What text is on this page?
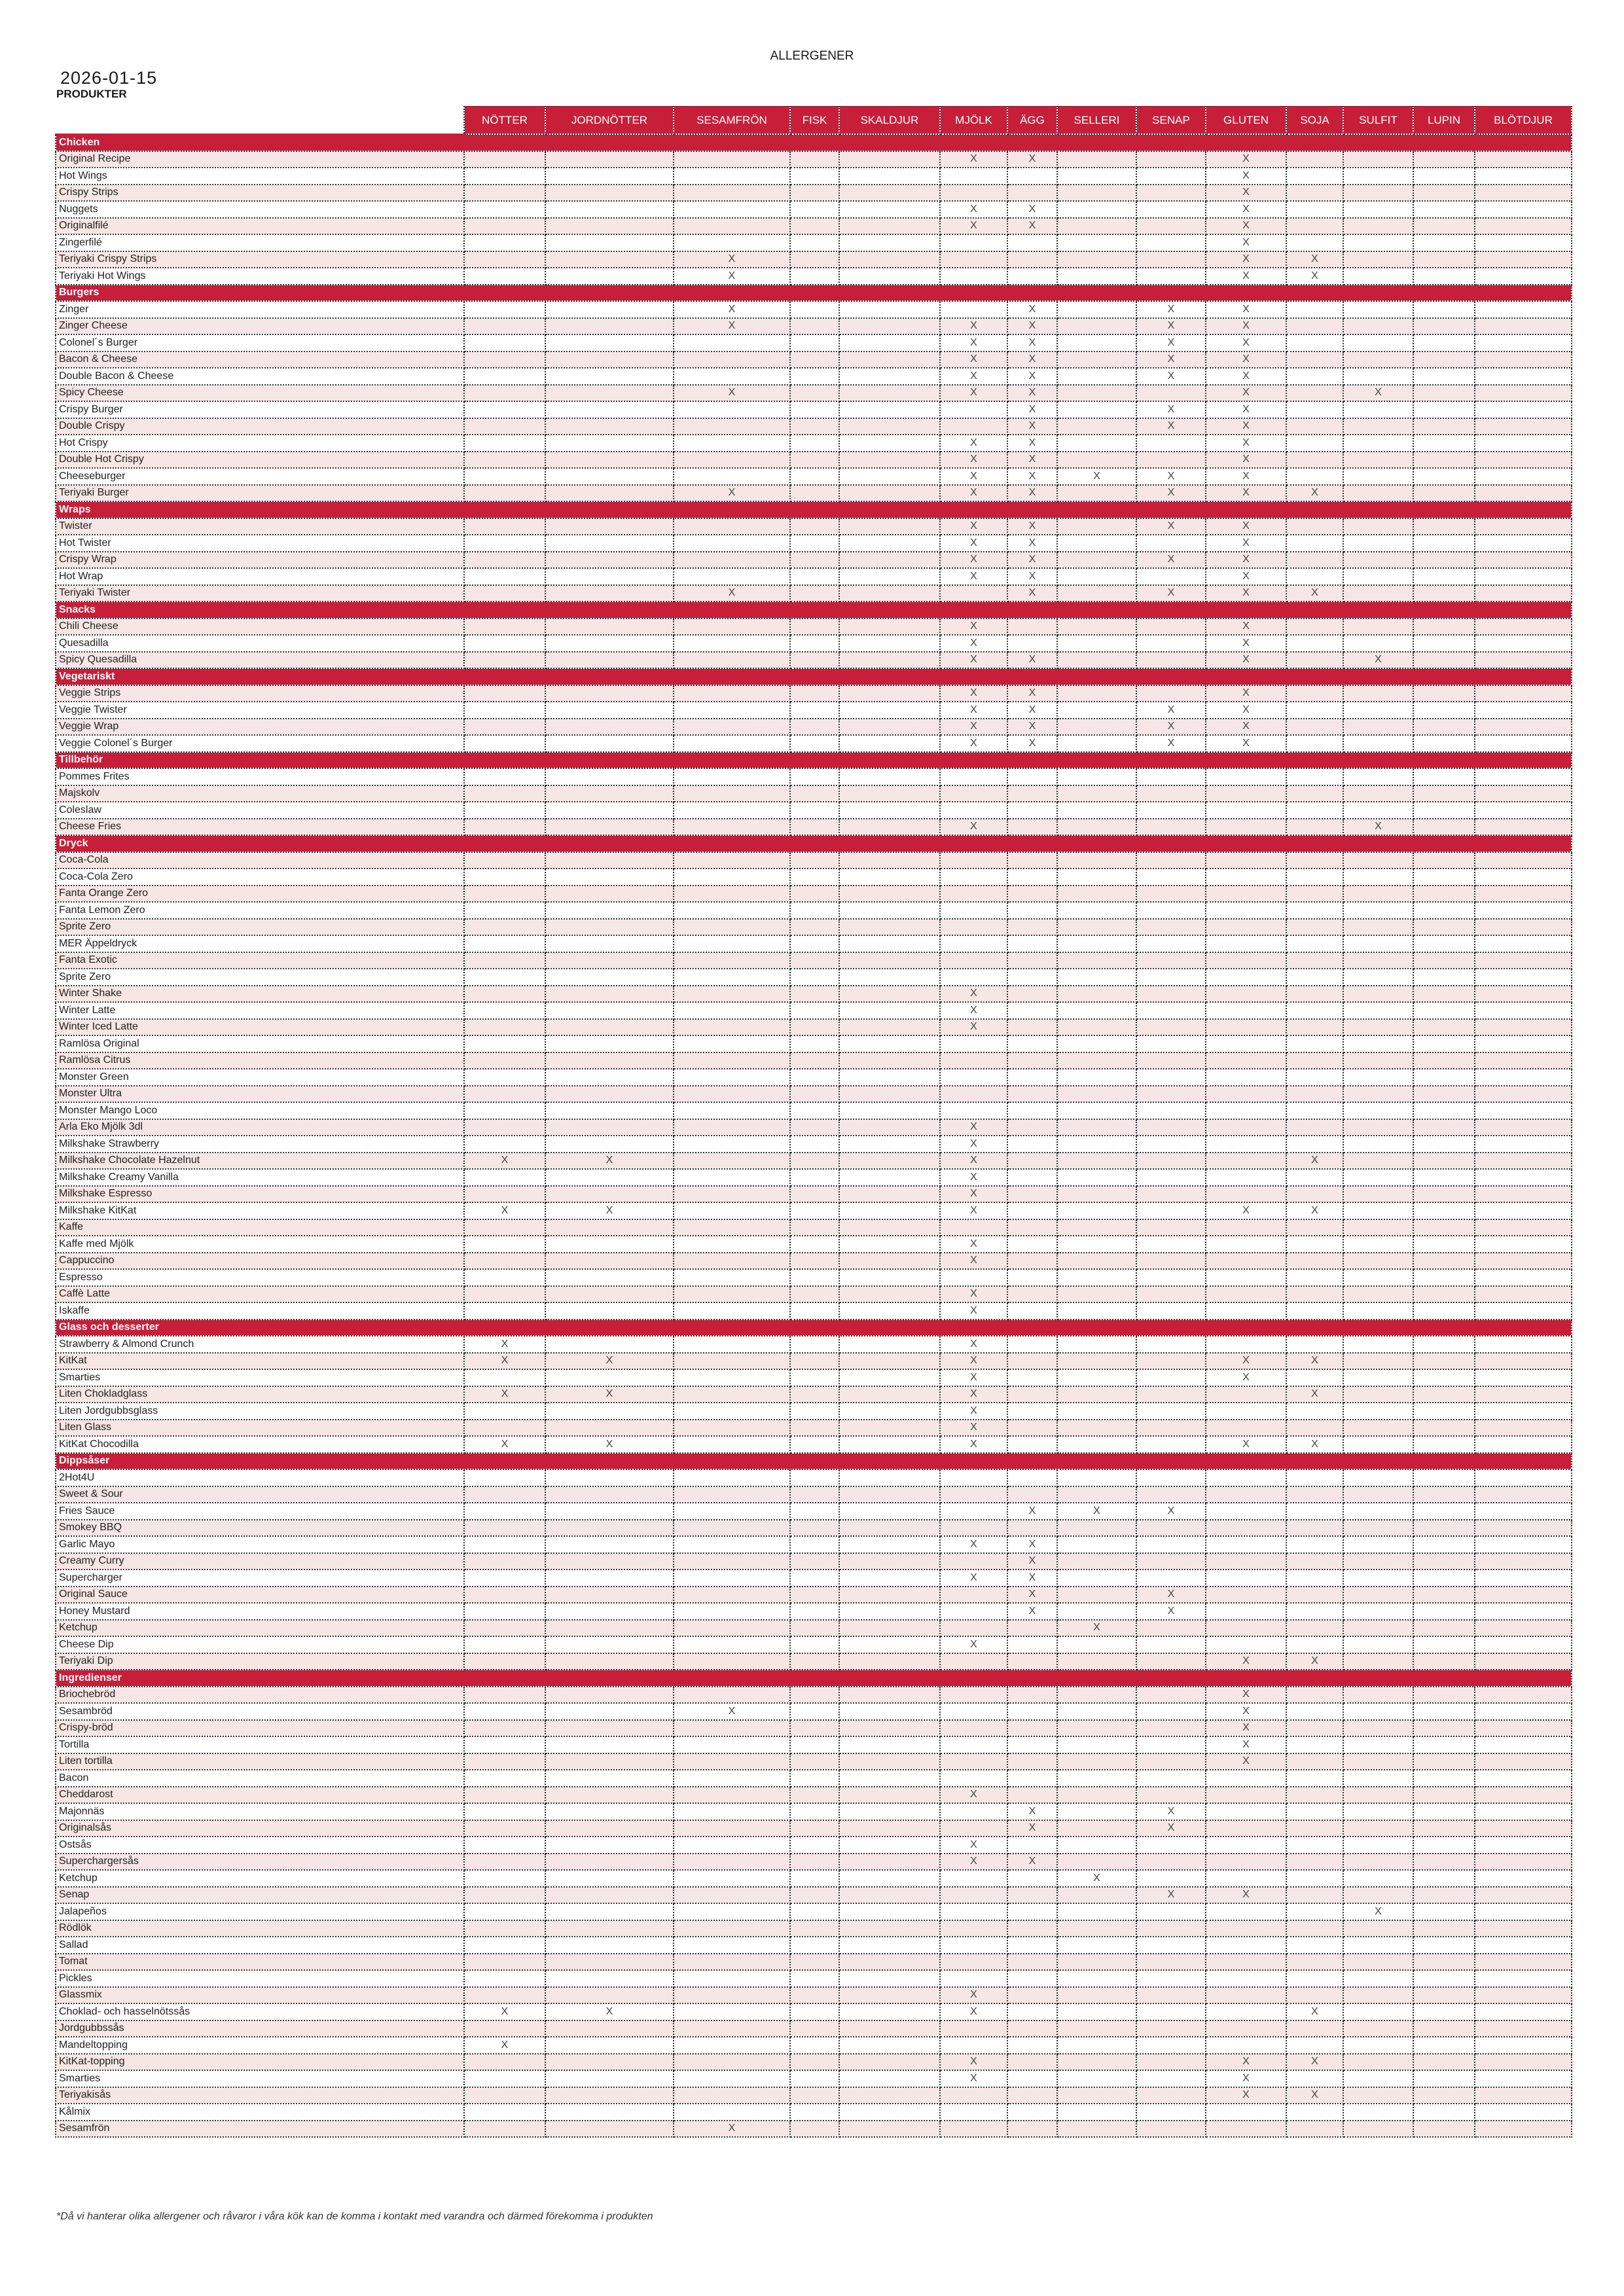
ALLERGENER
2026-01-15
PRODUKTER
	NÖTTER	JORDNÖTTER	SESAMFRÖN	FISK	SKALDJUR	MJÖLK	ÄGG	SELLERI	SENAP	GLUTEN	SOJA	SULFIT	LUPIN	BLÖTDJUR
Chicken														
Original Recipe						X	X			X				
Hot Wings										X				
Crispy Strips										X				
Nuggets						X	X			X				
Originalfilé						X	X			X				
Zingerfilé										X				
Teriyaki Crispy Strips			X							X	X			
Teriyaki Hot Wings			X							X	X			
Burgers														
Zinger			X				X		X	X				
Zinger Cheese			X			X	X		X	X				
Colonel´s Burger						X	X		X	X				
Bacon & Cheese						X	X		X	X				
Double Bacon & Cheese						X	X		X	X				
Spicy Cheese			X			X	X			X		X		
Crispy Burger							X		X	X				
Double Crispy							X		X	X				
Hot Crispy						X	X			X				
Double Hot Crispy						X	X			X				
Cheeseburger						X	X	X	X	X				
Teriyaki Burger			X			X	X		X	X	X			
Wraps														
Twister						X	X		X	X				
Hot Twister						X	X			X				
Crispy Wrap						X	X		X	X				
Hot Wrap						X	X			X				
Teriyaki Twister			X				X		X	X	X			
Snacks														
Chili Cheese						X				X				
Quesadilla						X				X				
Spicy Quesadilla						X	X			X		X		
Vegetariskt														
Veggie Strips						X	X			X				
Veggie Twister						X	X		X	X				
Veggie Wrap						X	X		X	X				
Veggie Colonel´s Burger						X	X		X	X				
Tillbehör														
Pommes Frites														
Majskolv														
Coleslaw														
Cheese Fries						X						X		
Dryck														
Coca-Cola														
Coca-Cola Zero														
Fanta Orange Zero														
Fanta Lemon Zero														
Sprite Zero														
MER Äppeldryck														
Fanta Exotic														
Sprite Zero														
Winter Shake						X								
Winter Latte						X								
Winter Iced Latte						X								
Ramlösa Original														
Ramlösa Citrus														
Monster Green														
Monster Ultra														
Monster Mango Loco														
Arla Eko Mjölk 3dl						X								
Milkshake Strawberry						X								
Milkshake Chocolate Hazelnut	X	X				X					X			
Milkshake Creamy Vanilla						X								
Milkshake Espresso						X								
Milkshake KitKat	X	X				X				X	X			
Kaffe														
Kaffe med Mjölk						X								
Cappuccino						X								
Espresso														
Caffè Latte						X								
Iskaffe						X								
Glass och desserter														
Strawberry & Almond Crunch	X					X								
KitKat	X	X				X				X	X			
Smarties						X				X				
Liten Chokladglass	X	X				X					X			
Liten Jordgubbsglass						X								
Liten Glass						X								
KitKat Chocodilla	X	X				X				X	X			
Dippsåser														
2Hot4U														
Sweet & Sour														
Fries Sauce							X	X	X					
Smokey BBQ														
Garlic Mayo						X	X							
Creamy Curry							X							
Supercharger						X	X							
Original Sauce							X		X					
Honey Mustard							X		X					
Ketchup								X						
Cheese Dip						X								
Teriyaki Dip										X	X			
Ingredienser														
Briochebröd										X				
Sesambröd			X							X				
Crispy-bröd										X				
Tortilla										X				
Liten tortilla										X				
Bacon														
Cheddarost						X								
Majonnäs							X		X					
Originalsås							X		X					
Ostsås						X								
Superchargersås						X	X							
Ketchup								X						
Senap									X	X				
Jalapeños												X		
Rödlök														
Sallad														
Tomat														
Pickles														
Glassmix						X								
Choklad- och hasselnötssås	X	X				X					X			
Jordgubbssås														
Mandeltopping	X													
KitKat-topping						X				X	X			
Smarties						X				X				
Teriyakisås										X	X			
Kålmix														
Sesamfrön			X											
*Då vi hanterar olika allergener och råvaror i våra kök kan de komma i kontakt med varandra och därmed förekomma i produkten
